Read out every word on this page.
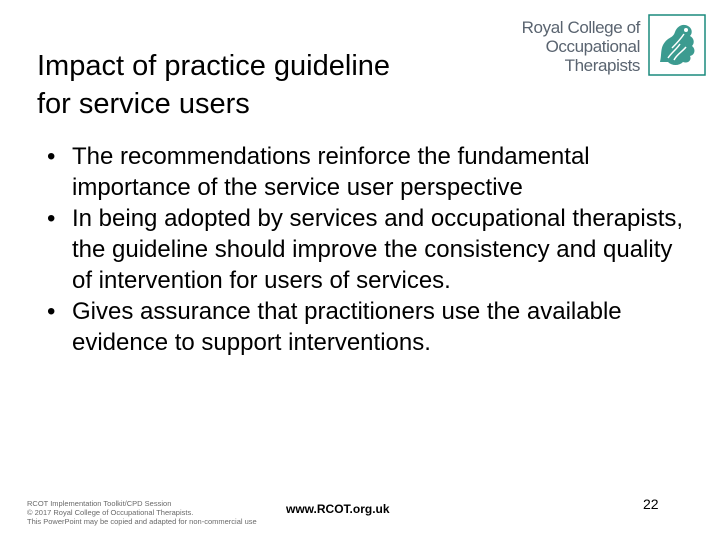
Impact of practice guideline
for service users
Royal College of
Occupational
Therapists
• The recommendations reinforce the fundamental importance of the service user perspective
• In being adopted by services and occupational therapists, the guideline should improve the consistency and quality of intervention for users of services.
• Gives assurance that practitioners use the available evidence to support interventions.
RCOT Implementation Toolkit/CPD Session
© 2017 Royal College of Occupational Therapists.
This PowerPoint may be copied and adapted for non-commercial use
www.RCOT.org.uk	22
